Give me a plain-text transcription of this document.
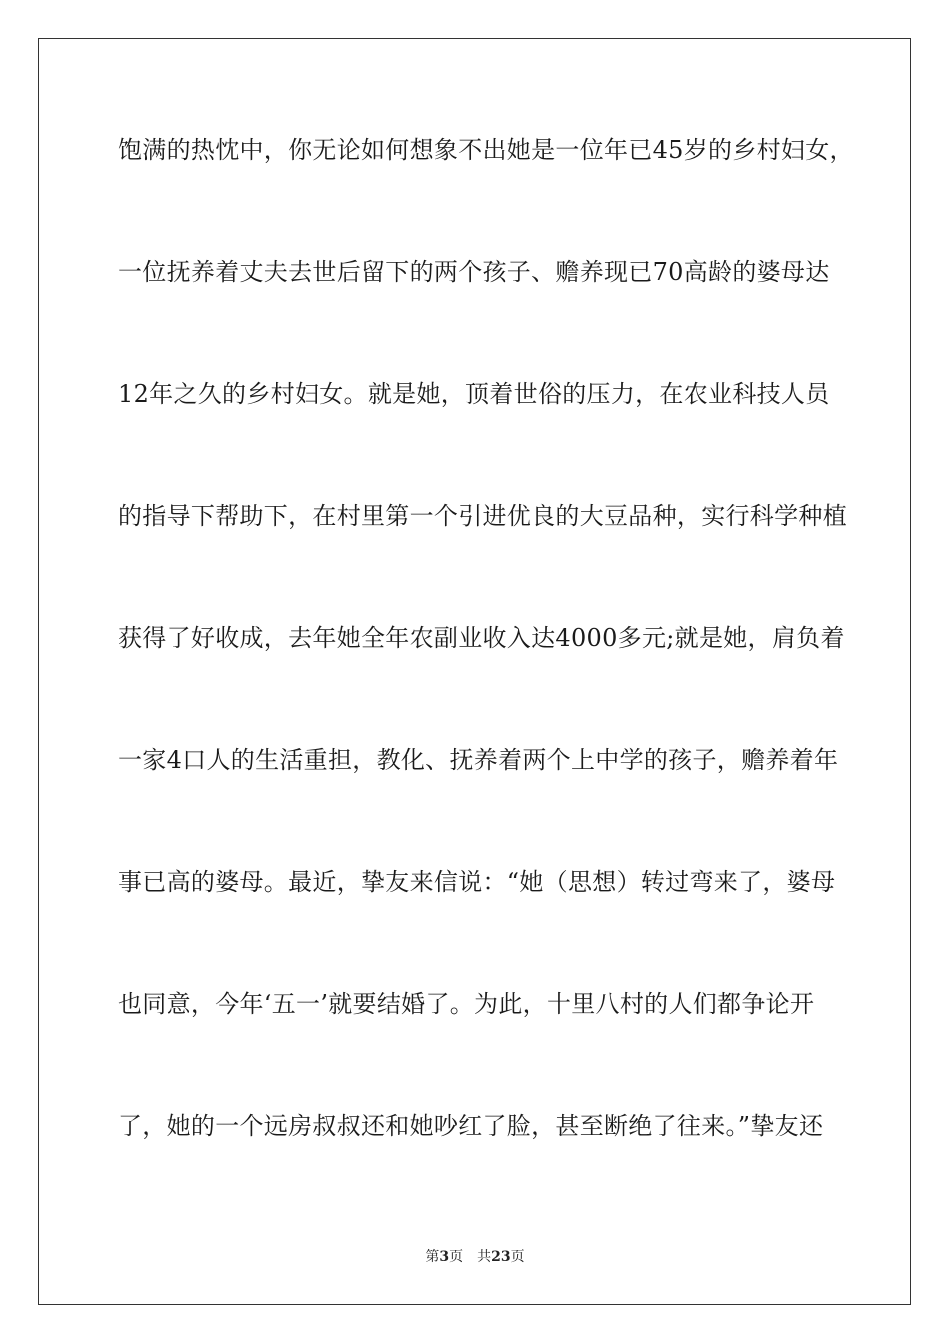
饱满的热忱中，你无论如何想象不出她是一位年已45岁的乡村妇女，
一位抚养着丈夫去世后留下的两个孩子、赡养现已70高龄的婆母达
12年之久的乡村妇女。就是她，顶着世俗的压力，在农业科技人员
的指导下帮助下，在村里第一个引进优良的大豆品种，实行科学种植
获得了好收成，去年她全年农副业收入达4000多元;就是她，肩负着
一家4口人的生活重担，教化、抚养着两个上中学的孩子，赡养着年
事已高的婆母。最近，挚友来信说：“她（思想）转过弯来了，婆母
也同意，今年‘五一’就要结婚了。为此，十里八村的人们都争论开
了，她的一个远房叔叔还和她吵红了脸，甚至断绝了往来。”挚友还
第3页 共23页
